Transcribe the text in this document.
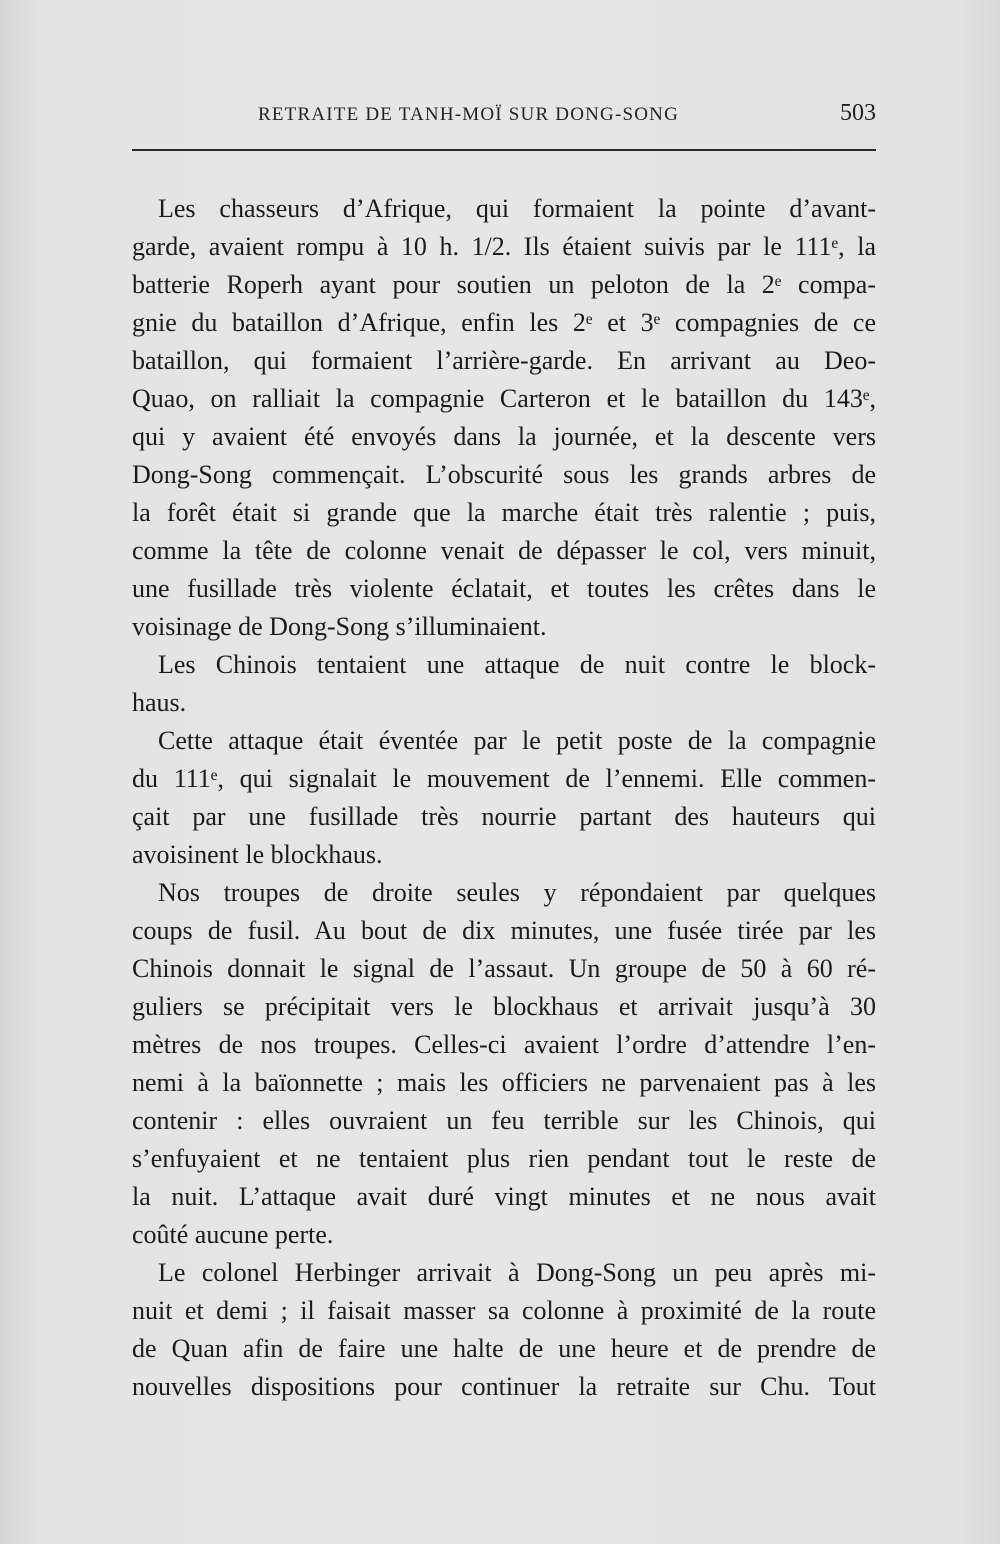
RETRAITE DE TANH-MOÏ SUR DONG-SONG	503
Les chasseurs d’Afrique, qui formaient la pointe d’avant-
garde, avaient rompu à 10 h. 1/2. Ils étaient suivis par le 111ᵉ, la
batterie Roperh ayant pour soutien un peloton de la 2ᵉ compa-
gnie du bataillon d’Afrique, enfin les 2ᵉ et 3ᵉ compagnies de ce
bataillon, qui formaient l’arrière-garde. En arrivant au Deo-
Quao, on ralliait la compagnie Carteron et le bataillon du 143ᵉ,
qui y avaient été envoyés dans la journée, et la descente vers
Dong-Song commençait. L’obscurité sous les grands arbres de
la forêt était si grande que la marche était très ralentie ; puis,
comme la tête de colonne venait de dépasser le col, vers minuit,
une fusillade très violente éclatait, et toutes les crêtes dans le
voisinage de Dong-Song s’illuminaient.
Les Chinois tentaient une attaque de nuit contre le block-
haus.
Cette attaque était éventée par le petit poste de la compagnie
du 111ᵉ, qui signalait le mouvement de l’ennemi. Elle commen-
çait par une fusillade très nourrie partant des hauteurs qui
avoisinent le blockhaus.
Nos troupes de droite seules y répondaient par quelques
coups de fusil. Au bout de dix minutes, une fusée tirée par les
Chinois donnait le signal de l’assaut. Un groupe de 50 à 60 ré-
guliers se précipitait vers le blockhaus et arrivait jusqu’à 30
mètres de nos troupes. Celles-ci avaient l’ordre d’attendre l’en-
nemi à la baïonnette ; mais les officiers ne parvenaient pas à les
contenir : elles ouvraient un feu terrible sur les Chinois, qui
s’enfuyaient et ne tentaient plus rien pendant tout le reste de
la nuit. L’attaque avait duré vingt minutes et ne nous avait
coûté aucune perte.
Le colonel Herbinger arrivait à Dong-Song un peu après mi-
nuit et demi ; il faisait masser sa colonne à proximité de la route
de Quan afin de faire une halte de une heure et de prendre de
nouvelles dispositions pour continuer la retraite sur Chu. Tout
